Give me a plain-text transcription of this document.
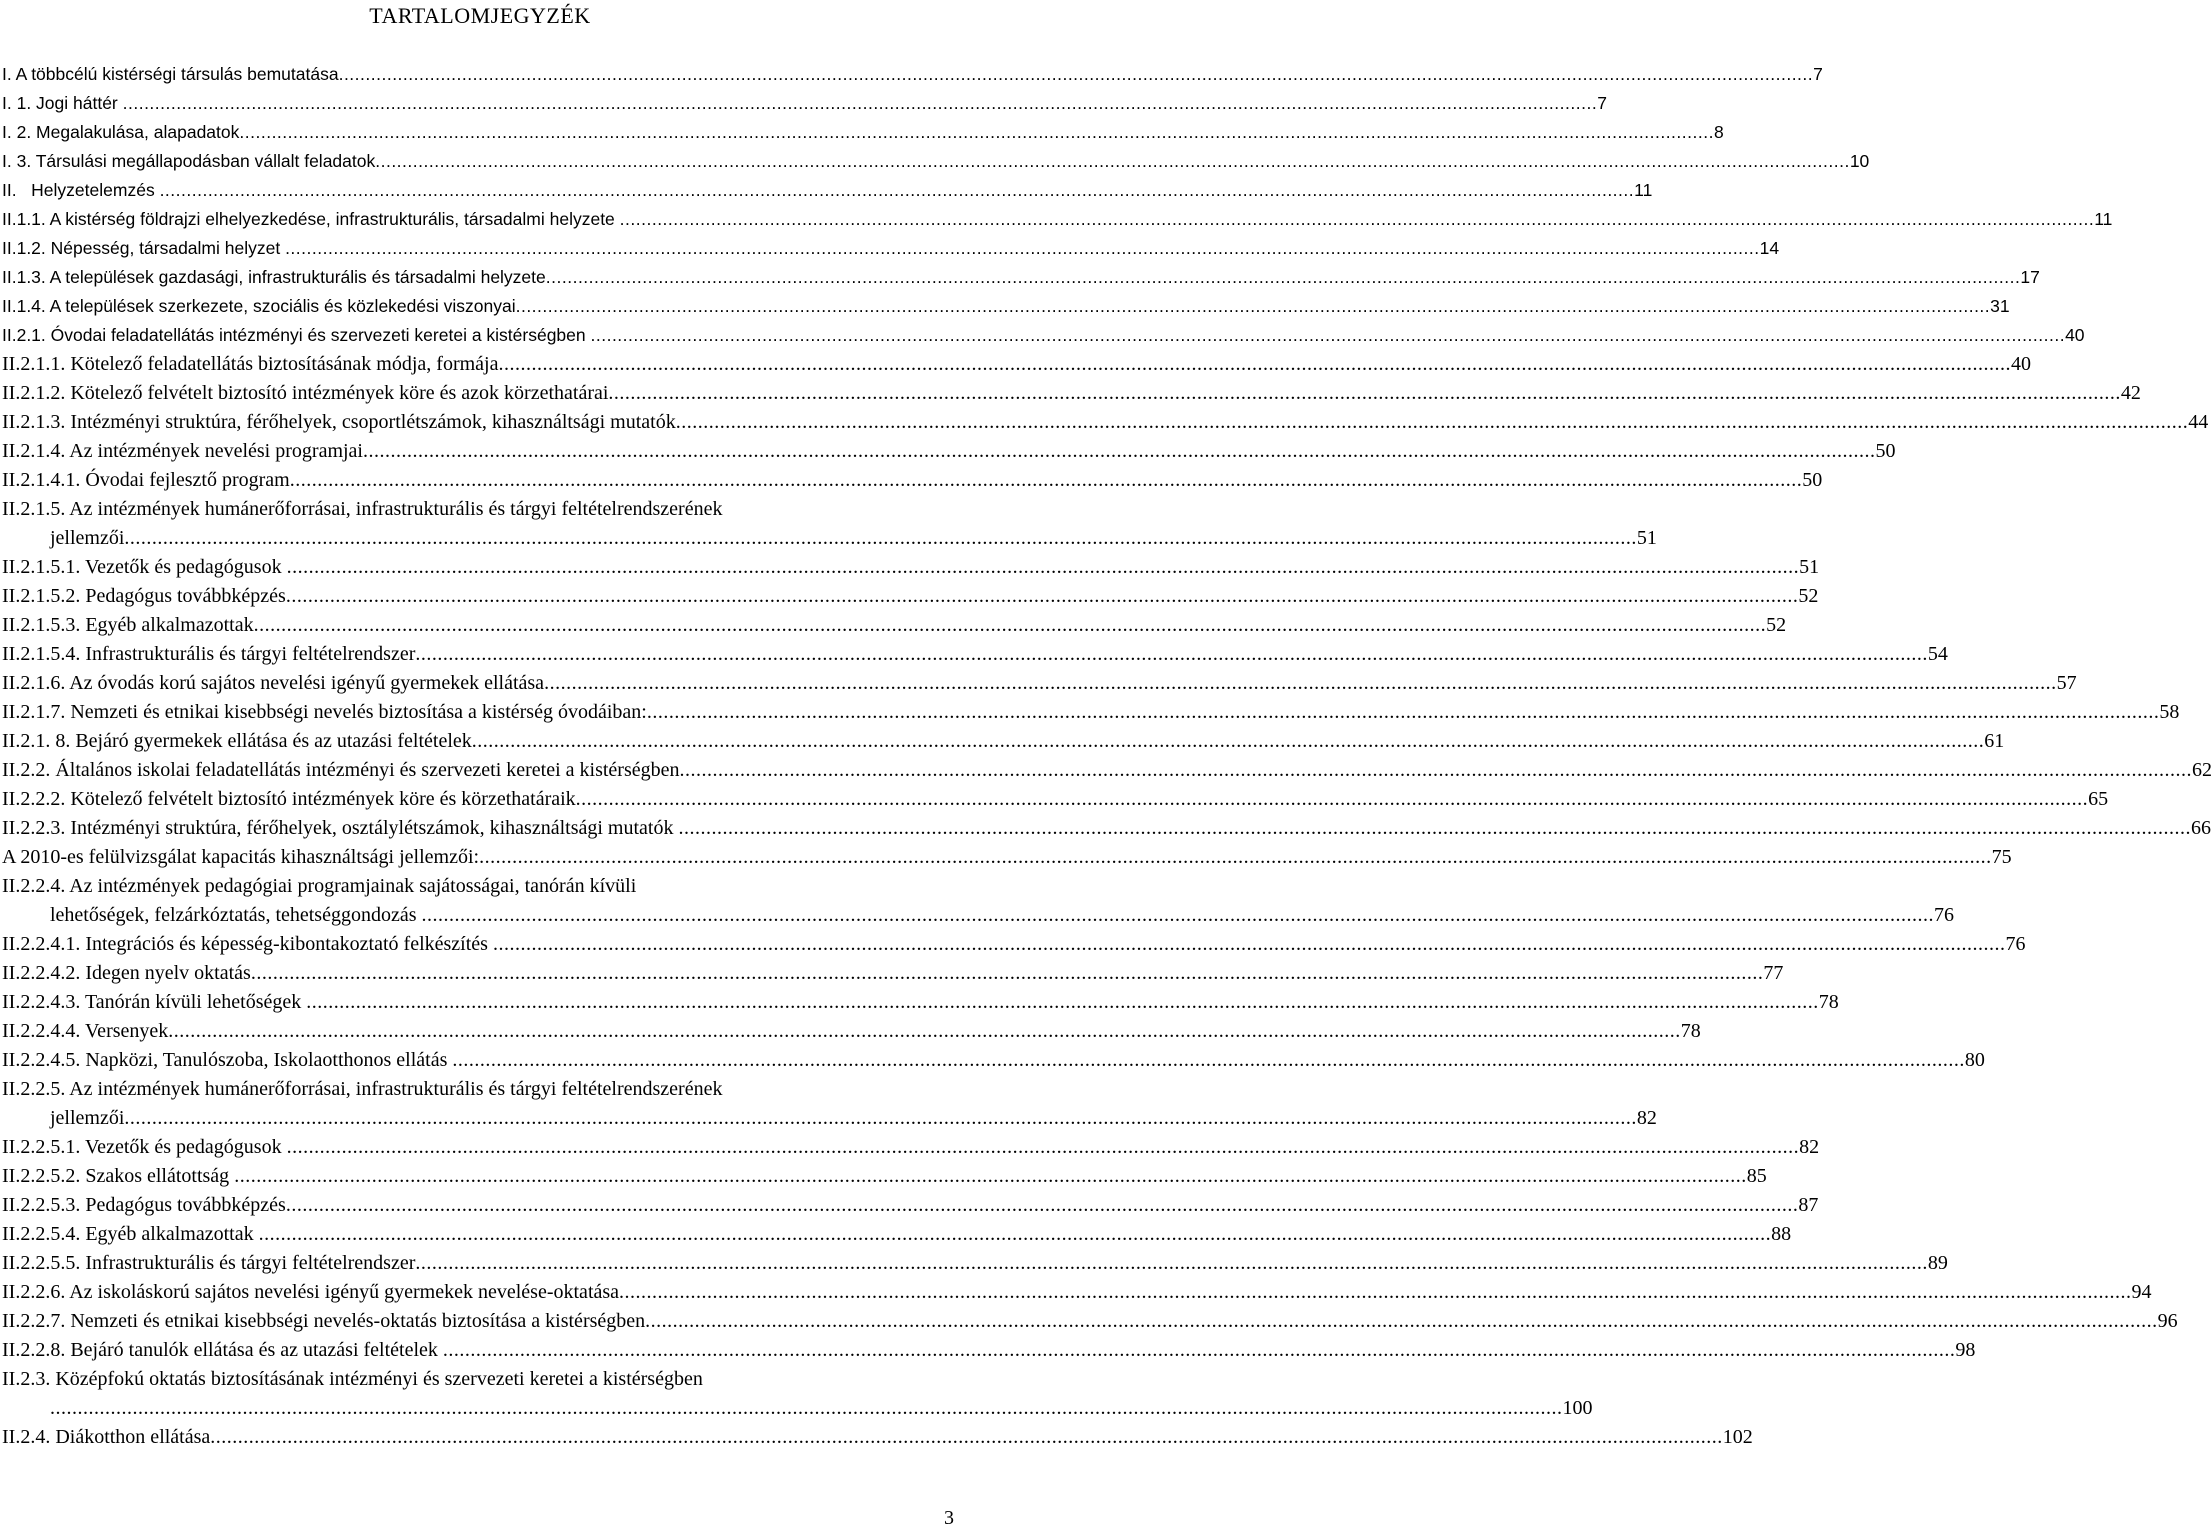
TARTALOMJEGYZÉK
I. A többcélú kistérségi társulás bemutatása ................................................................................................................................................................................................................................................................................... 7
I. 1. Jogi háttér ................................................................................................................................................................................................................................................................................... 7
I. 2. Megalakulása, alapadatok ................................................................................................................................................................................................................................................................................... 8
I. 3. Társulási megállapodásban vállalt feladatok ................................................................................................................................................................................................................................................................................... 10
II.   Helyzetelemzés ................................................................................................................................................................................................................................................................................... 11
II.1.1. A kistérség földrajzi elhelyezkedése, infrastrukturális, társadalmi helyzete ................................................................................................................................................................................................................................................................................... 11
II.1.2. Népesség, társadalmi helyzet ................................................................................................................................................................................................................................................................................... 14
II.1.3. A települések gazdasági, infrastrukturális és társadalmi helyzete ................................................................................................................................................................................................................................................................................... 17
II.1.4. A települések szerkezete, szociális és közlekedési viszonyai ................................................................................................................................................................................................................................................................................... 31
II.2.1. Óvodai feladatellátás intézményi és szervezeti keretei a kistérségben ................................................................................................................................................................................................................................................................................... 40
II.2.1.1. Kötelező feladatellátás biztosításának módja, formája ................................................................................................................................................................................................................................................................................... 40
II.2.1.2. Kötelező felvételt biztosító intézmények köre és azok körzethatárai ................................................................................................................................................................................................................................................................................... 42
II.2.1.3. Intézményi struktúra, férőhelyek, csoportlétszámok, kihasználtsági mutatók ................................................................................................................................................................................................................................................................................... 44
II.2.1.4. Az intézmények nevelési programjai ................................................................................................................................................................................................................................................................................... 50
II.2.1.4.1. Óvodai fejlesztő program ................................................................................................................................................................................................................................................................................... 50
II.2.1.5. Az intézmények humánerőforrásai, infrastrukturális és tárgyi feltételrendszerének
jellemzői ................................................................................................................................................................................................................................................................................... 51
II.2.1.5.1. Vezetők és pedagógusok ................................................................................................................................................................................................................................................................................... 51
II.2.1.5.2. Pedagógus továbbképzés ................................................................................................................................................................................................................................................................................... 52
II.2.1.5.3. Egyéb alkalmazottak ................................................................................................................................................................................................................................................................................... 52
II.2.1.5.4. Infrastrukturális és tárgyi feltételrendszer ................................................................................................................................................................................................................................................................................... 54
II.2.1.6. Az óvodás korú sajátos nevelési igényű gyermekek ellátása ................................................................................................................................................................................................................................................................................... 57
II.2.1.7. Nemzeti és etnikai kisebbségi nevelés biztosítása a kistérség óvodáiban: ................................................................................................................................................................................................................................................................................... 58
II.2.1. 8. Bejáró gyermekek ellátása és az utazási feltételek ................................................................................................................................................................................................................................................................................... 61
II.2.2. Általános iskolai feladatellátás intézményi és szervezeti keretei a kistérségben ................................................................................................................................................................................................................................................................................... 62
II.2.2.2. Kötelező felvételt biztosító intézmények köre és körzethatáraik ................................................................................................................................................................................................................................................................................... 65
II.2.2.3. Intézményi struktúra, férőhelyek, osztálylétszámok, kihasználtsági mutatók ................................................................................................................................................................................................................................................................................... 66
A 2010-es felülvizsgálat kapacitás kihasználtsági jellemzői: ................................................................................................................................................................................................................................................................................... 75
II.2.2.4. Az intézmények pedagógiai programjainak sajátosságai, tanórán kívüli
lehetőségek, felzárkóztatás, tehetséggondozás ................................................................................................................................................................................................................................................................................... 76
II.2.2.4.1. Integrációs és képesség-kibontakoztató felkészítés ................................................................................................................................................................................................................................................................................... 76
II.2.2.4.2. Idegen nyelv oktatás ................................................................................................................................................................................................................................................................................... 77
II.2.2.4.3. Tanórán kívüli lehetőségek ................................................................................................................................................................................................................................................................................... 78
II.2.2.4.4. Versenyek ................................................................................................................................................................................................................................................................................... 78
II.2.2.4.5. Napközi, Tanulószoba, Iskolaotthonos ellátás ................................................................................................................................................................................................................................................................................... 80
II.2.2.5. Az intézmények humánerőforrásai, infrastrukturális és tárgyi feltételrendszerének
jellemzői ................................................................................................................................................................................................................................................................................... 82
II.2.2.5.1. Vezetők és pedagógusok ................................................................................................................................................................................................................................................................................... 82
II.2.2.5.2. Szakos ellátottság ................................................................................................................................................................................................................................................................................... 85
II.2.2.5.3. Pedagógus továbbképzés ................................................................................................................................................................................................................................................................................... 87
II.2.2.5.4. Egyéb alkalmazottak ................................................................................................................................................................................................................................................................................... 88
II.2.2.5.5. Infrastrukturális és tárgyi feltételrendszer ................................................................................................................................................................................................................................................................................... 89
II.2.2.6. Az iskoláskorú sajátos nevelési igényű gyermekek nevelése-oktatása ................................................................................................................................................................................................................................................................................... 94
II.2.2.7. Nemzeti és etnikai kisebbségi nevelés-oktatás biztosítása a kistérségben ................................................................................................................................................................................................................................................................................... 96
II.2.2.8. Bejáró tanulók ellátása és az utazási feltételek ................................................................................................................................................................................................................................................................................... 98
II.2.3. Középfokú oktatás biztosításának intézményi és szervezeti keretei a kistérségben
................................................................................................................................................................................................................................................................................... 100
II.2.4. Diákotthon ellátása ................................................................................................................................................................................................................................................................................... 102
3
